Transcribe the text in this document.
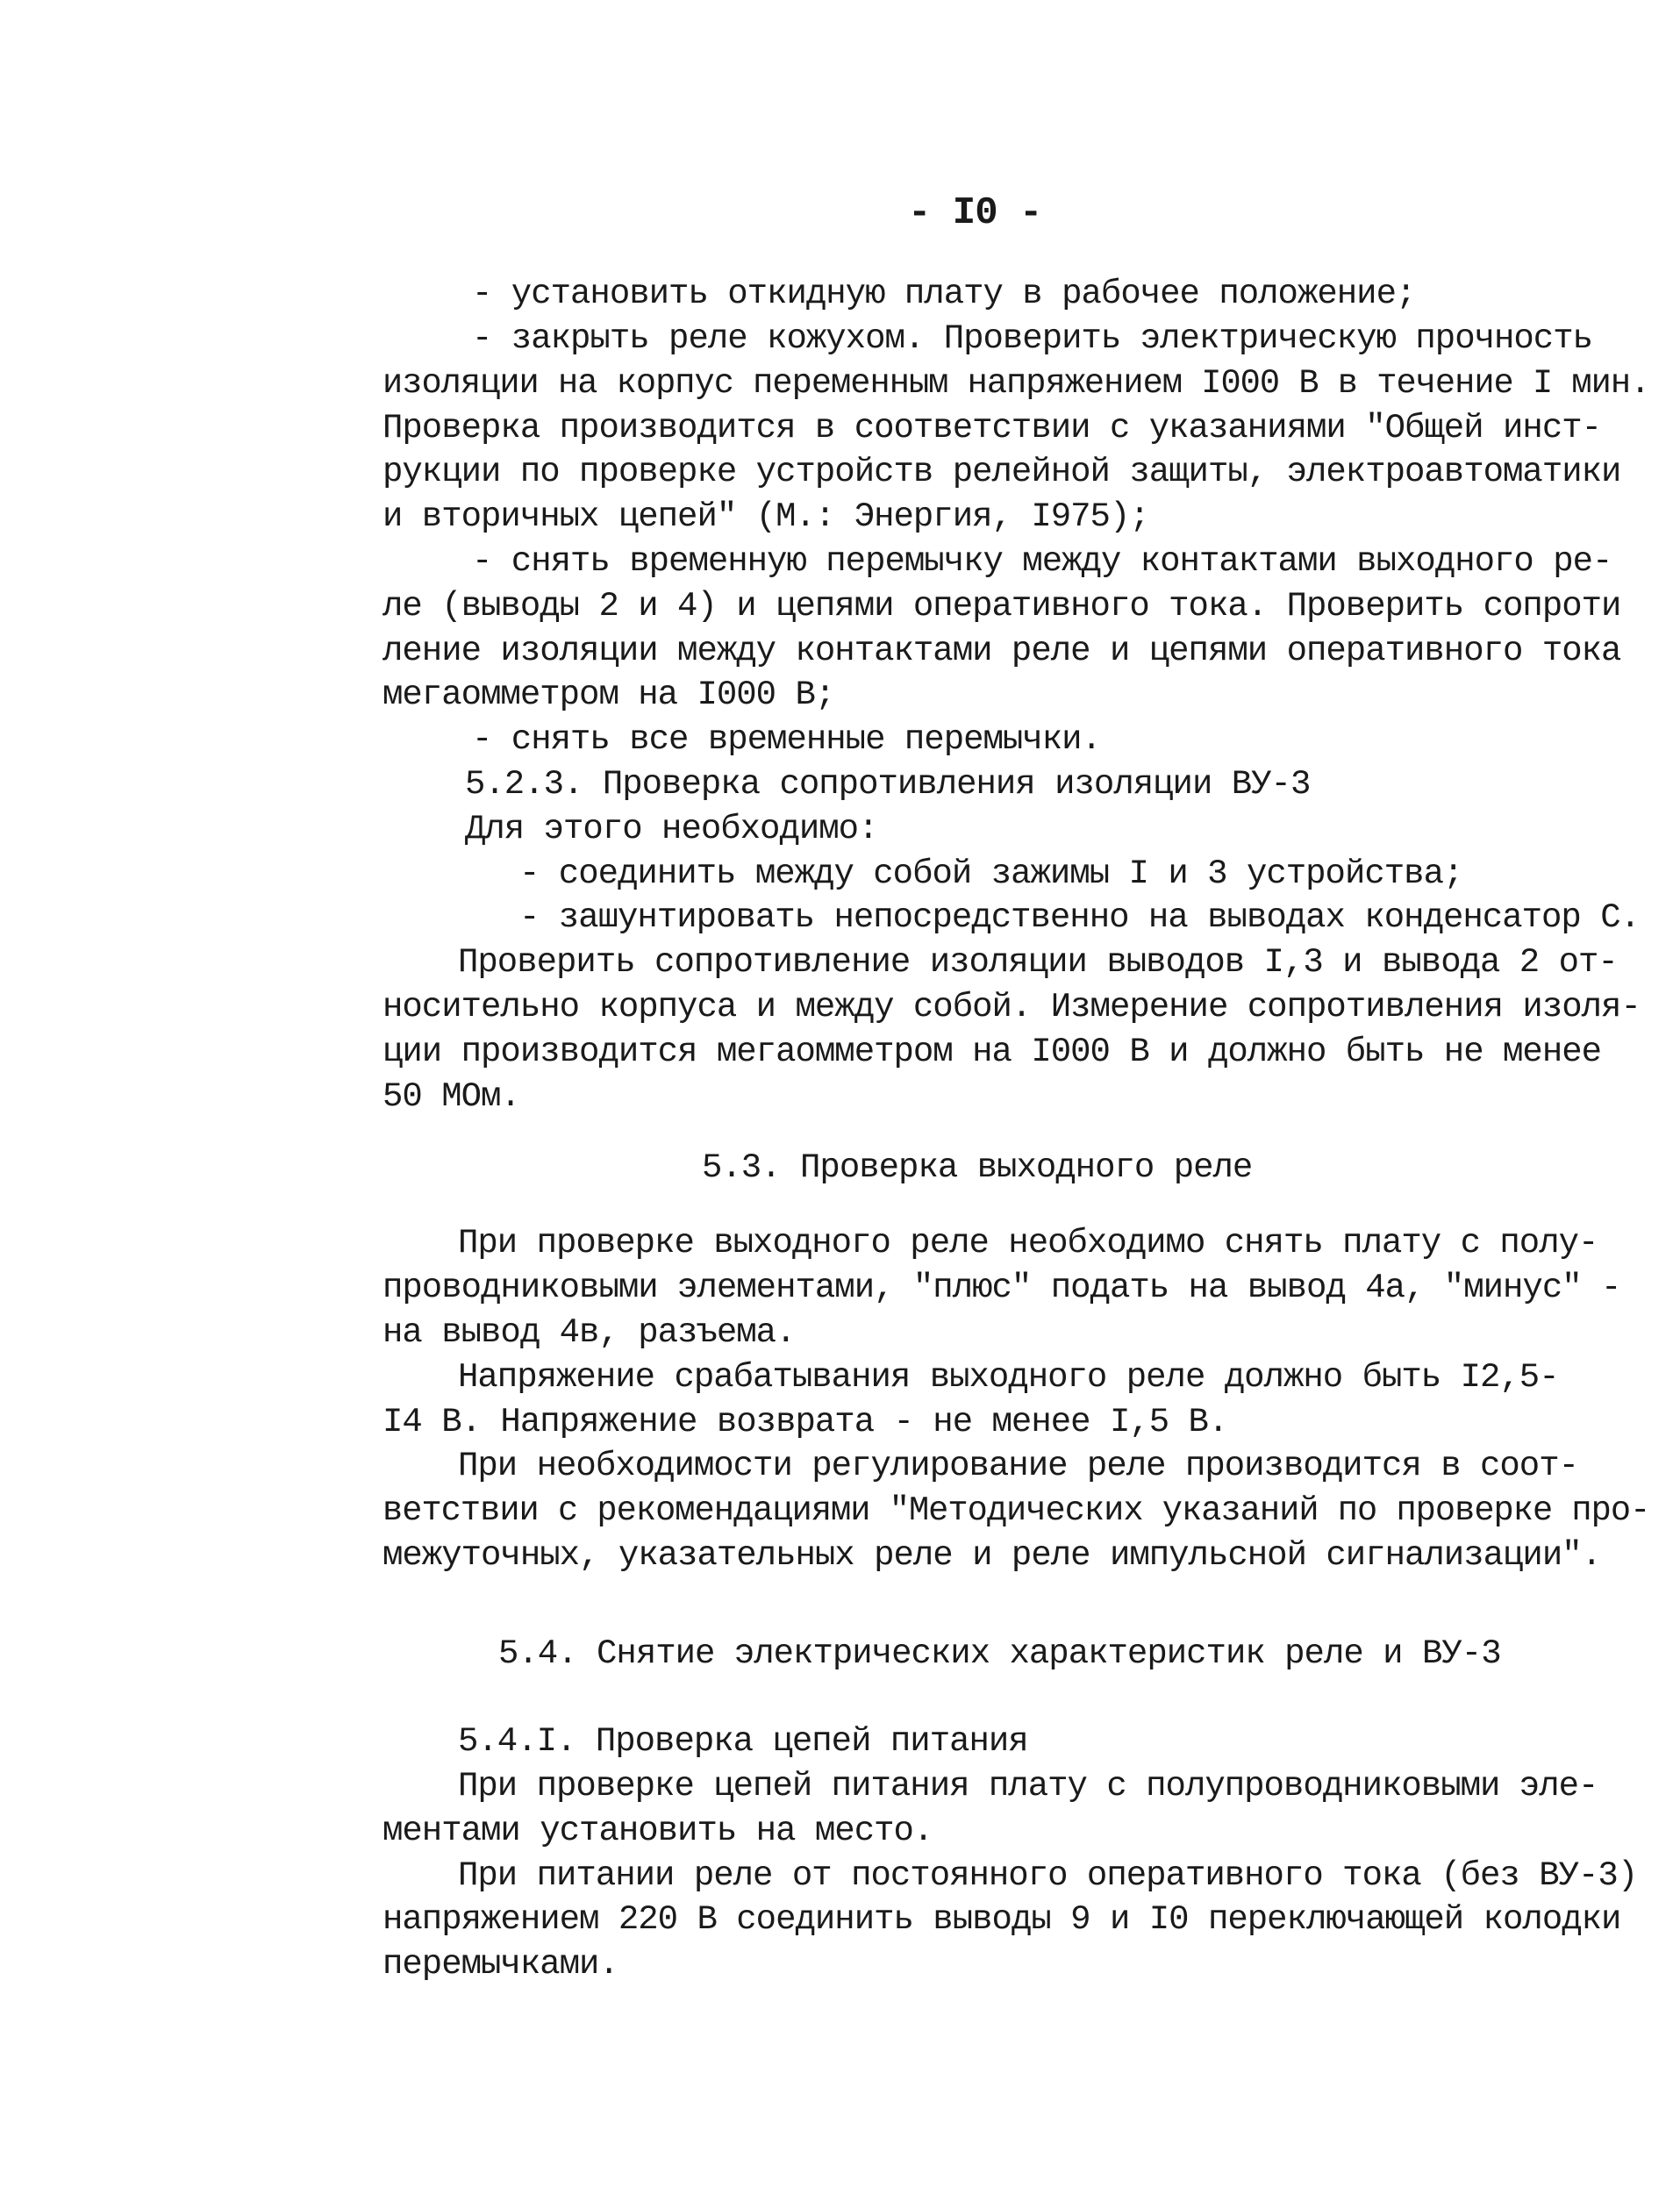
- I0 -
- установить откидную плату в рабочее положение;
- закрыть реле кожухом. Проверить электрическую прочность
изоляции на корпус переменным напряжением I000 В в течение I мин.
Проверка производится в соответствии с указаниями "Общей инст-
рукции по проверке устройств релейной защиты, электроавтоматики
и вторичных цепей" (М.: Энергия, I975);
- снять временную перемычку между контактами выходного ре-
ле (выводы 2 и 4) и цепями оперативного тока. Проверить сопроти
ление изоляции между контактами реле и цепями оперативного тока
мегаомметром на I000 В;
- снять все временные перемычки.
5.2.3. Проверка сопротивления изоляции ВУ-3
Для этого необходимо:
- соединить между собой зажимы I и 3 устройства;
- зашунтировать непосредственно на выводах конденсатор С.
Проверить сопротивление изоляции выводов I,3 и вывода 2 от-
носительно корпуса и между собой. Измерение сопротивления изоля-
ции производится мегаомметром на I000 В и должно быть не менее
50 МОм.
5.3. Проверка выходного реле
При проверке выходного реле необходимо снять плату с полу-
проводниковыми элементами, "плюс" подать на вывод 4а, "минус" -
на вывод 4в, разъема.
Напряжение срабатывания выходного реле должно быть I2,5-
I4 В. Напряжение возврата - не менее I,5 В.
При необходимости регулирование реле производится в соот-
ветствии с рекомендациями "Методических указаний по проверке про-
межуточных, указательных реле и реле импульсной сигнализации".
5.4. Снятие электрических характеристик реле и ВУ-3
5.4.I. Проверка цепей питания
При проверке цепей питания плату с полупроводниковыми эле-
ментами установить на место.
При питании реле от постоянного оперативного тока (без ВУ-3)
напряжением 220 В соединить выводы 9 и I0 переключающей колодки
перемычками.
